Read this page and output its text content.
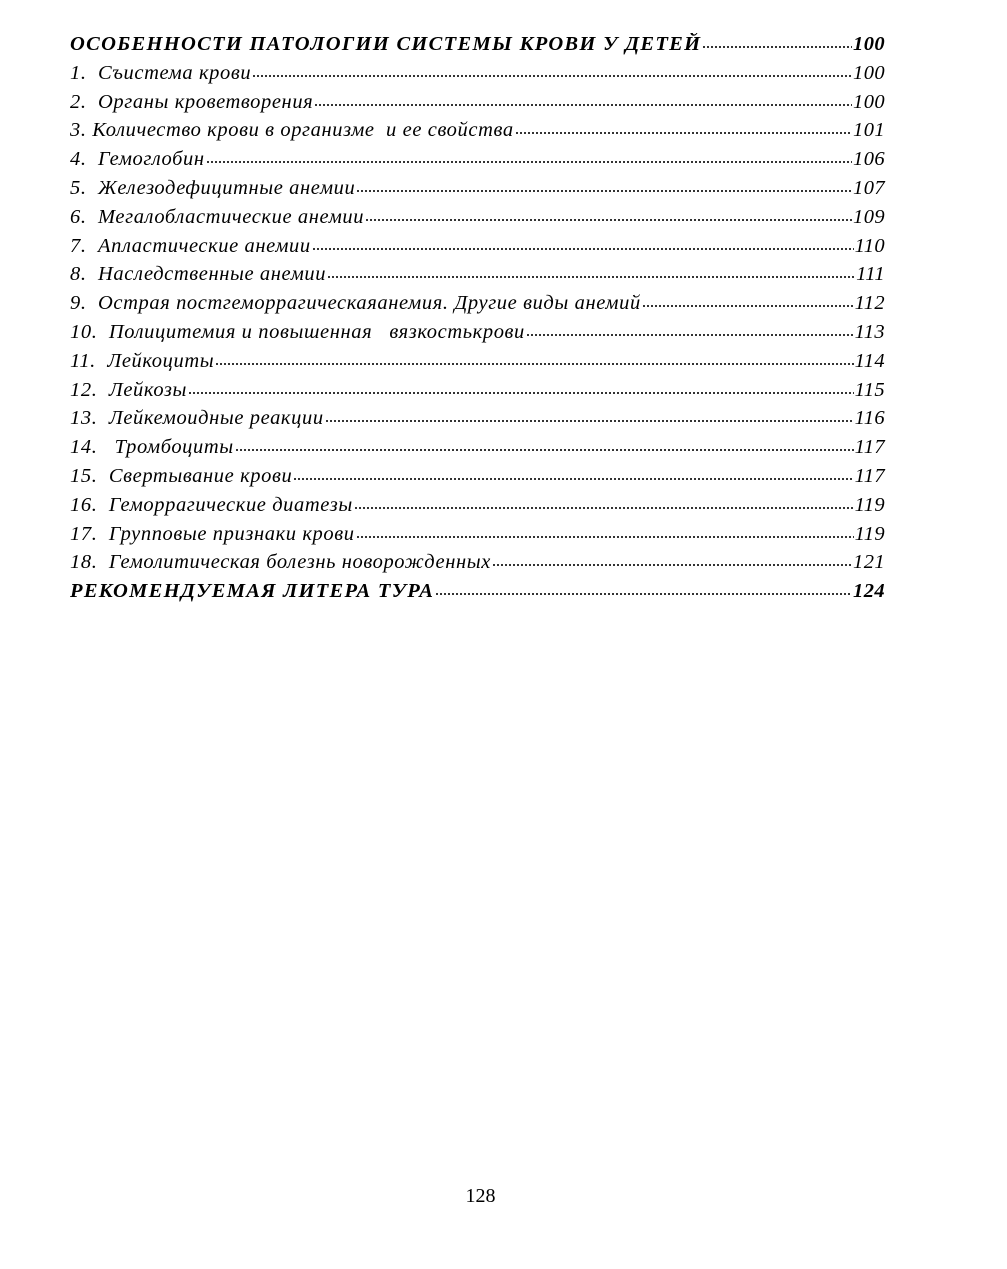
ОСОБЕННОСТИ ПАТОЛОГИИ СИСТЕМЫ КРОВИ У ДЕТЕЙ	100
1.  Съистема крови	100
2.  Органы кроветворения	100
3. Количество крови в организме  и ее свойства	101
4.  Гемоглобин	106
5.  Железодефицитные анемии	107
6.  Мегалобластические анемии	109
7.  Апластические анемии	110
8.  Наследственные анемии	111
9.  Острая постгеморрагическаяанемия. Другие виды анемий	112
10.  Полицитемия и повышенная   вязкостькрови	113
11.  Лейкоциты	114
12.  Лейкозы	115
13.  Лейкемоидные реакции	116
14.   Тромбоциты	117
15.  Свертывание крови	117
16.  Геморрагические диатезы	119
17.  Групповые признаки крови	119
18.  Гемолитическая болезнь новорожденных	121
РЕКОМЕНДУЕМАЯ ЛИТЕРА ТУРА	124
128
